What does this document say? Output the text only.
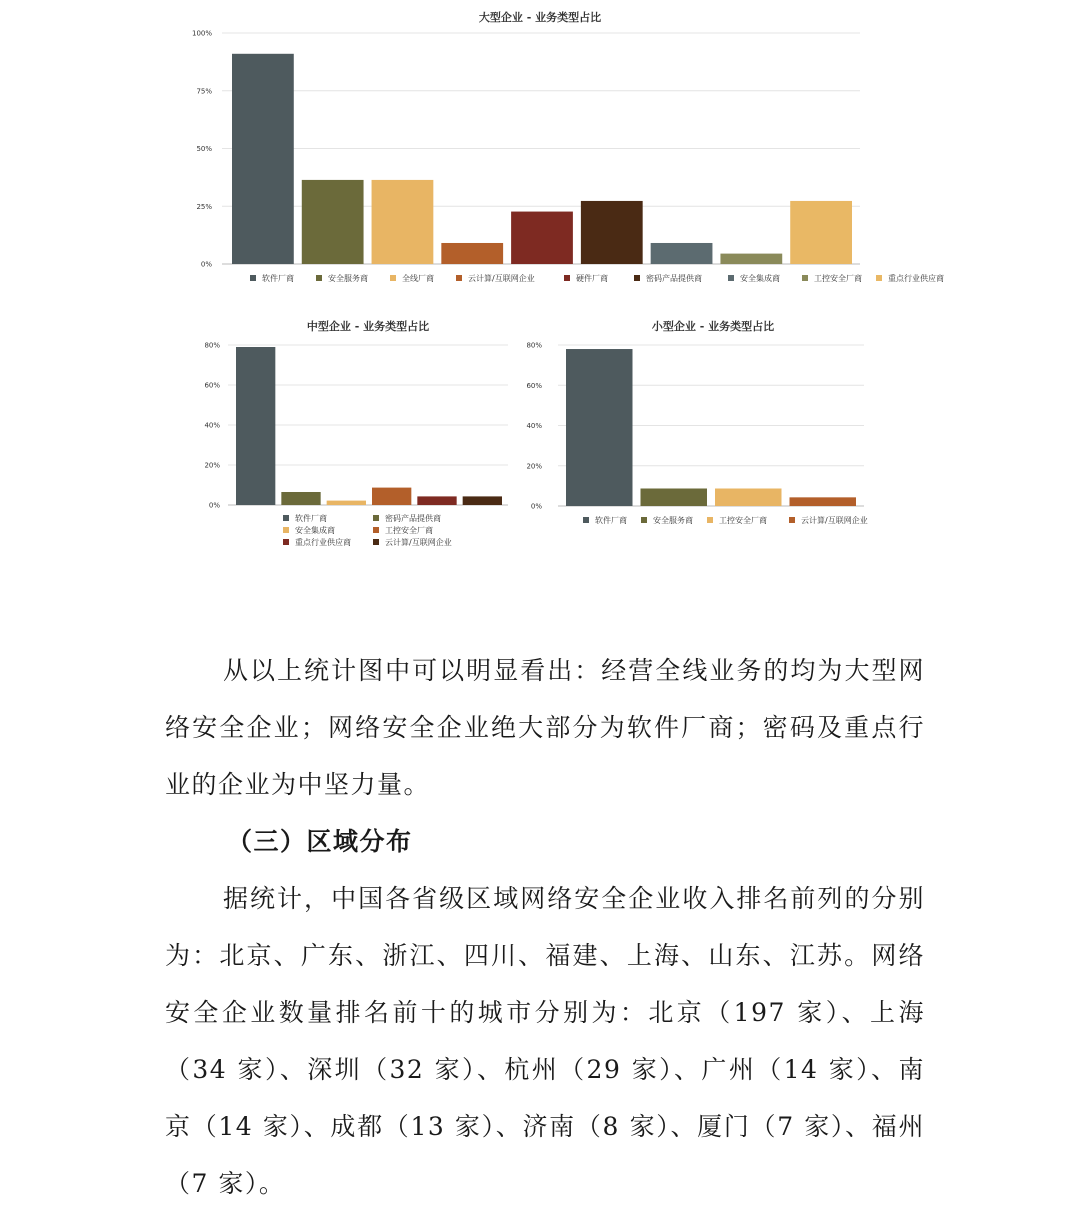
大型企业 - 业务类型占比
100%
75%
50%
25%
0%
软件厂商	安全服务商	全线厂商	云计算/互联网企业	硬件厂商	密码产品提供商	安全集成商	工控安全厂商	重点行业供应商
中型企业 - 业务类型占比
80%
60%
40%
20%
0%
软件厂商	密码产品提供商
安全集成商	工控安全厂商
重点行业供应商	云计算/互联网企业
小型企业 - 业务类型占比
80%
60%
40%
20%
0%
软件厂商	安全服务商	工控安全厂商	云计算/互联网企业

从以上统计图中可以明显看出：经营全线业务的均为大型网络安全企业；网络安全企业绝大部分为软件厂商；密码及重点行业的企业为中坚力量。

（三）区域分布

据统计，中国各省级区域网络安全企业收入排名前列的分别为：北京、广东、浙江、四川、福建、上海、山东、江苏。网络安全企业数量排名前十的城市分别为：北京（197 家）、上海（34 家）、深圳（32 家）、杭州（29 家）、广州（14 家）、南京（14 家）、成都（13 家）、济南（8 家）、厦门（7 家）、福州（7 家）。
